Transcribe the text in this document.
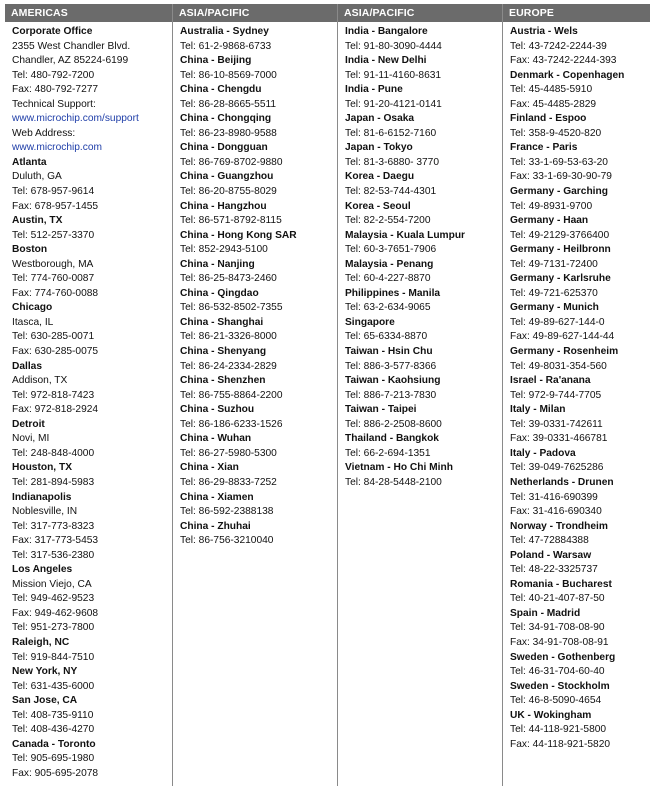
AMERICAS
Corporate Office
2355 West Chandler Blvd.
Chandler, AZ 85224-6199
Tel: 480-792-7200
Fax: 480-792-7277
Technical Support:
www.microchip.com/support
Web Address:
www.microchip.com
Atlanta
Duluth, GA
Tel: 678-957-9614
Fax: 678-957-1455
Austin, TX
Tel: 512-257-3370
Boston
Westborough, MA
Tel: 774-760-0087
Fax: 774-760-0088
Chicago
Itasca, IL
Tel: 630-285-0071
Fax: 630-285-0075
Dallas
Addison, TX
Tel: 972-818-7423
Fax: 972-818-2924
Detroit
Novi, MI
Tel: 248-848-4000
Houston, TX
Tel: 281-894-5983
Indianapolis
Noblesville, IN
Tel: 317-773-8323
Fax: 317-773-5453
Tel: 317-536-2380
Los Angeles
Mission Viejo, CA
Tel: 949-462-9523
Fax: 949-462-9608
Tel: 951-273-7800
Raleigh, NC
Tel: 919-844-7510
New York, NY
Tel: 631-435-6000
San Jose, CA
Tel: 408-735-9110
Tel: 408-436-4270
Canada - Toronto
Tel: 905-695-1980
Fax: 905-695-2078
ASIA/PACIFIC
Australia - Sydney
Tel: 61-2-9868-6733
China - Beijing
Tel: 86-10-8569-7000
China - Chengdu
Tel: 86-28-8665-5511
China - Chongqing
Tel: 86-23-8980-9588
China - Dongguan
Tel: 86-769-8702-9880
China - Guangzhou
Tel: 86-20-8755-8029
China - Hangzhou
Tel: 86-571-8792-8115
China - Hong Kong SAR
Tel: 852-2943-5100
China - Nanjing
Tel: 86-25-8473-2460
China - Qingdao
Tel: 86-532-8502-7355
China - Shanghai
Tel: 86-21-3326-8000
China - Shenyang
Tel: 86-24-2334-2829
China - Shenzhen
Tel: 86-755-8864-2200
China - Suzhou
Tel: 86-186-6233-1526
China - Wuhan
Tel: 86-27-5980-5300
China - Xian
Tel: 86-29-8833-7252
China - Xiamen
Tel: 86-592-2388138
China - Zhuhai
Tel: 86-756-3210040
ASIA/PACIFIC
India - Bangalore
Tel: 91-80-3090-4444
India - New Delhi
Tel: 91-11-4160-8631
India - Pune
Tel: 91-20-4121-0141
Japan - Osaka
Tel: 81-6-6152-7160
Japan - Tokyo
Tel: 81-3-6880- 3770
Korea - Daegu
Tel: 82-53-744-4301
Korea - Seoul
Tel: 82-2-554-7200
Malaysia - Kuala Lumpur
Tel: 60-3-7651-7906
Malaysia - Penang
Tel: 60-4-227-8870
Philippines - Manila
Tel: 63-2-634-9065
Singapore
Tel: 65-6334-8870
Taiwan - Hsin Chu
Tel: 886-3-577-8366
Taiwan - Kaohsiung
Tel: 886-7-213-7830
Taiwan - Taipei
Tel: 886-2-2508-8600
Thailand - Bangkok
Tel: 66-2-694-1351
Vietnam - Ho Chi Minh
Tel: 84-28-5448-2100
EUROPE
Austria - Wels
Tel: 43-7242-2244-39
Fax: 43-7242-2244-393
Denmark - Copenhagen
Tel: 45-4485-5910
Fax: 45-4485-2829
Finland - Espoo
Tel: 358-9-4520-820
France - Paris
Tel: 33-1-69-53-63-20
Fax: 33-1-69-30-90-79
Germany - Garching
Tel: 49-8931-9700
Germany - Haan
Tel: 49-2129-3766400
Germany - Heilbronn
Tel: 49-7131-72400
Germany - Karlsruhe
Tel: 49-721-625370
Germany - Munich
Tel: 49-89-627-144-0
Fax: 49-89-627-144-44
Germany - Rosenheim
Tel: 49-8031-354-560
Israel - Ra'anana
Tel: 972-9-744-7705
Italy - Milan
Tel: 39-0331-742611
Fax: 39-0331-466781
Italy - Padova
Tel: 39-049-7625286
Netherlands - Drunen
Tel: 31-416-690399
Fax: 31-416-690340
Norway - Trondheim
Tel: 47-72884388
Poland - Warsaw
Tel: 48-22-3325737
Romania - Bucharest
Tel: 40-21-407-87-50
Spain - Madrid
Tel: 34-91-708-08-90
Fax: 34-91-708-08-91
Sweden - Gothenberg
Tel: 46-31-704-60-40
Sweden - Stockholm
Tel: 46-8-5090-4654
UK - Wokingham
Tel: 44-118-921-5800
Fax: 44-118-921-5820
